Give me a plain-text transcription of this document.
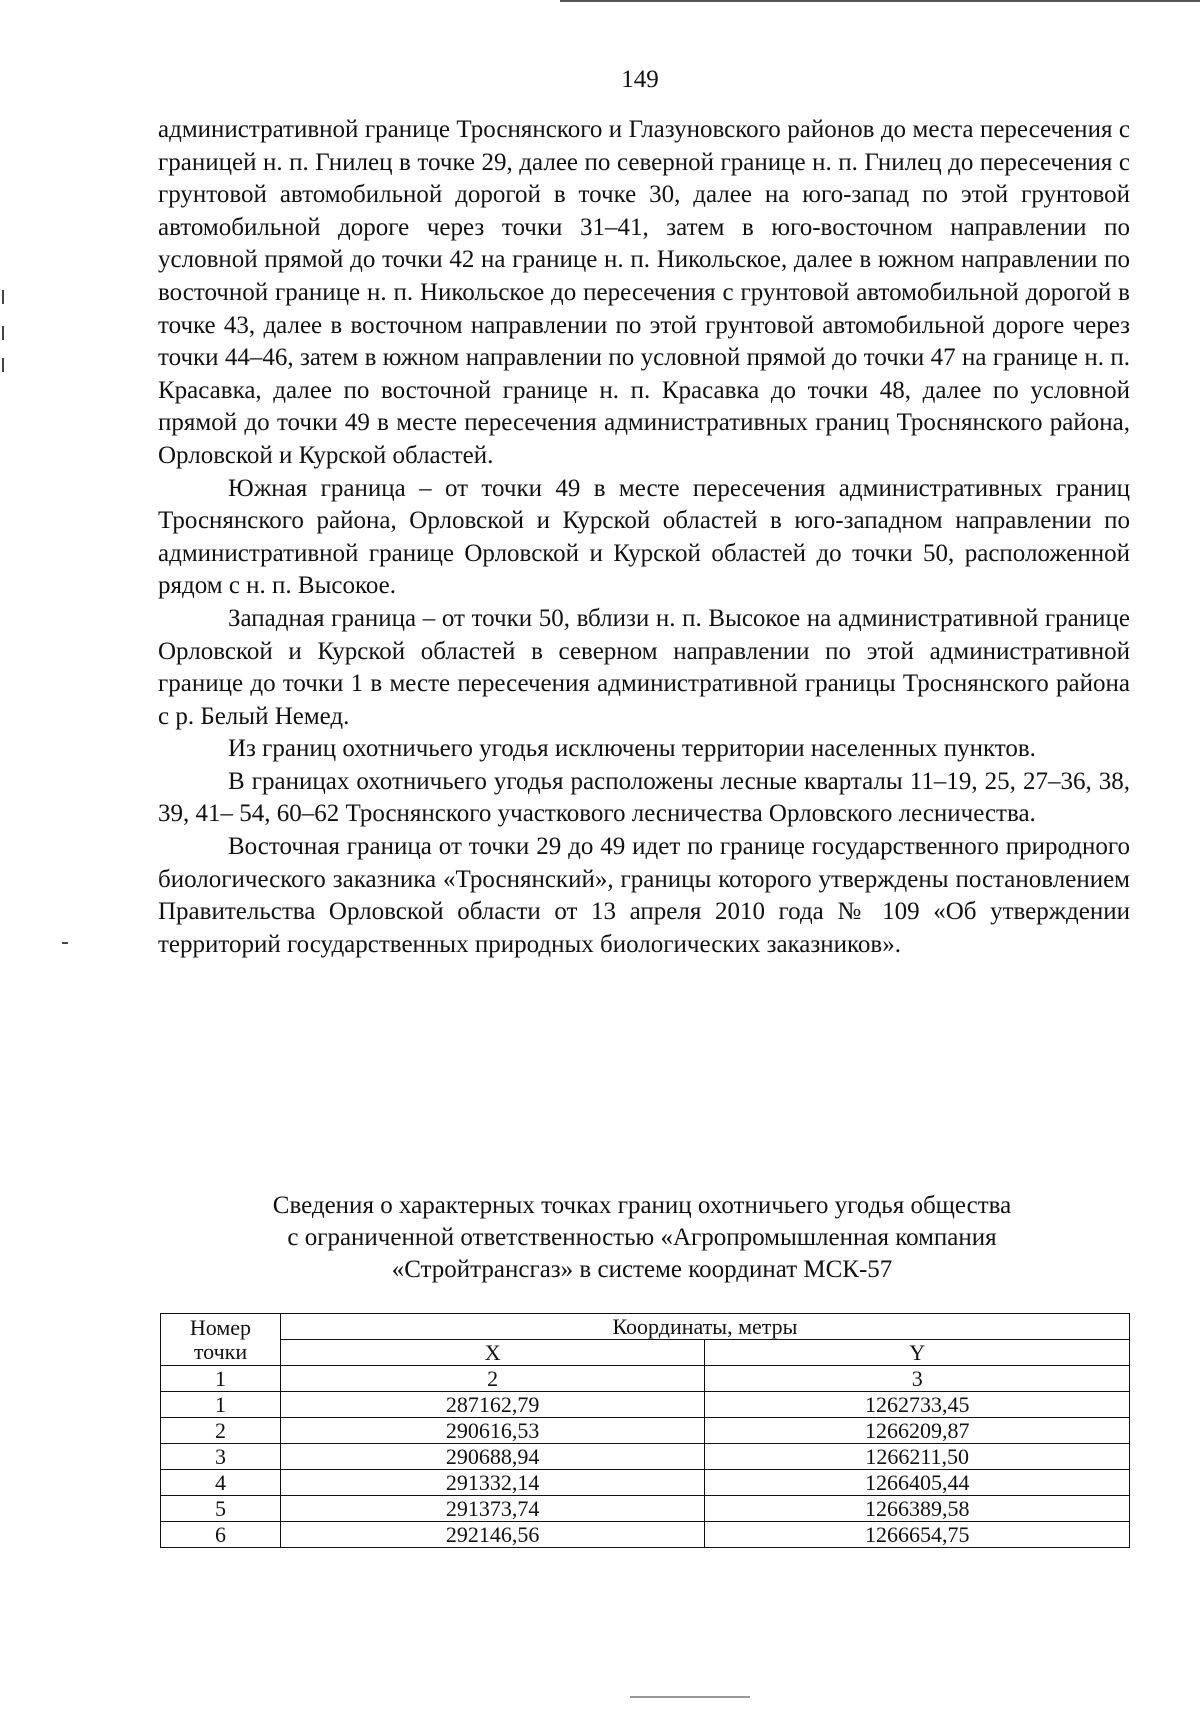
149

административной границе Троснянского и Глазуновского районов до места пересечения с границей н. п. Гнилец в точке 29, далее по северной границе н. п. Гнилец до пересечения с грунтовой автомобильной дорогой в точке 30, далее на юго-запад по этой грунтовой автомобильной дороге через точки 31–41, затем в юго-восточном направлении по условной прямой до точки 42 на границе н. п. Никольское, далее в южном направлении по восточной границе н. п. Никольское до пересечения с грунтовой автомобильной дорогой в точке 43, далее в восточном направлении по этой грунтовой автомобильной дороге через точки 44–46, затем в южном направлении по условной прямой до точки 47 на границе н. п. Красавка, далее по восточной границе н. п. Красавка до точки 48, далее по условной прямой до точки 49 в месте пересечения административных границ Троснянского района, Орловской и Курской областей.

Южная граница – от точки 49 в месте пересечения административных границ Троснянского района, Орловской и Курской областей в юго-западном направлении по административной границе Орловской и Курской областей до точки 50, расположенной рядом с н. п. Высокое.

Западная граница – от точки 50, вблизи н. п. Высокое на административной границе Орловской и Курской областей в северном направлении по этой административной границе до точки 1 в месте пересечения административной границы Троснянского района с р. Белый Немед.

Из границ охотничьего угодья исключены территории населенных пунктов.

В границах охотничьего угодья расположены лесные кварталы 11–19, 25, 27–36, 38, 39, 41– 54, 60–62 Троснянского участкового лесничества Орловского лесничества.

Восточная граница от точки 29 до 49 идет по границе государственного природного биологического заказника «Троснянский», границы которого утверждены постановлением Правительства Орловской области от 13 апреля 2010 года № 109 «Об утверждении территорий государственных природных биологических заказников».

Сведения о характерных точках границ охотничьего угодья общества
с ограниченной ответственностью «Агропромышленная компания
«Стройтрансгаз» в системе координат МСК-57
Номер
точки	Координаты, метры	
	X	Y
1	2	3
1	287162,79	1262733,45
2	290616,53	1266209,87
3	290688,94	1266211,50
4	291332,14	1266405,44
5	291373,74	1266389,58
6	292146,56	1266654,75
